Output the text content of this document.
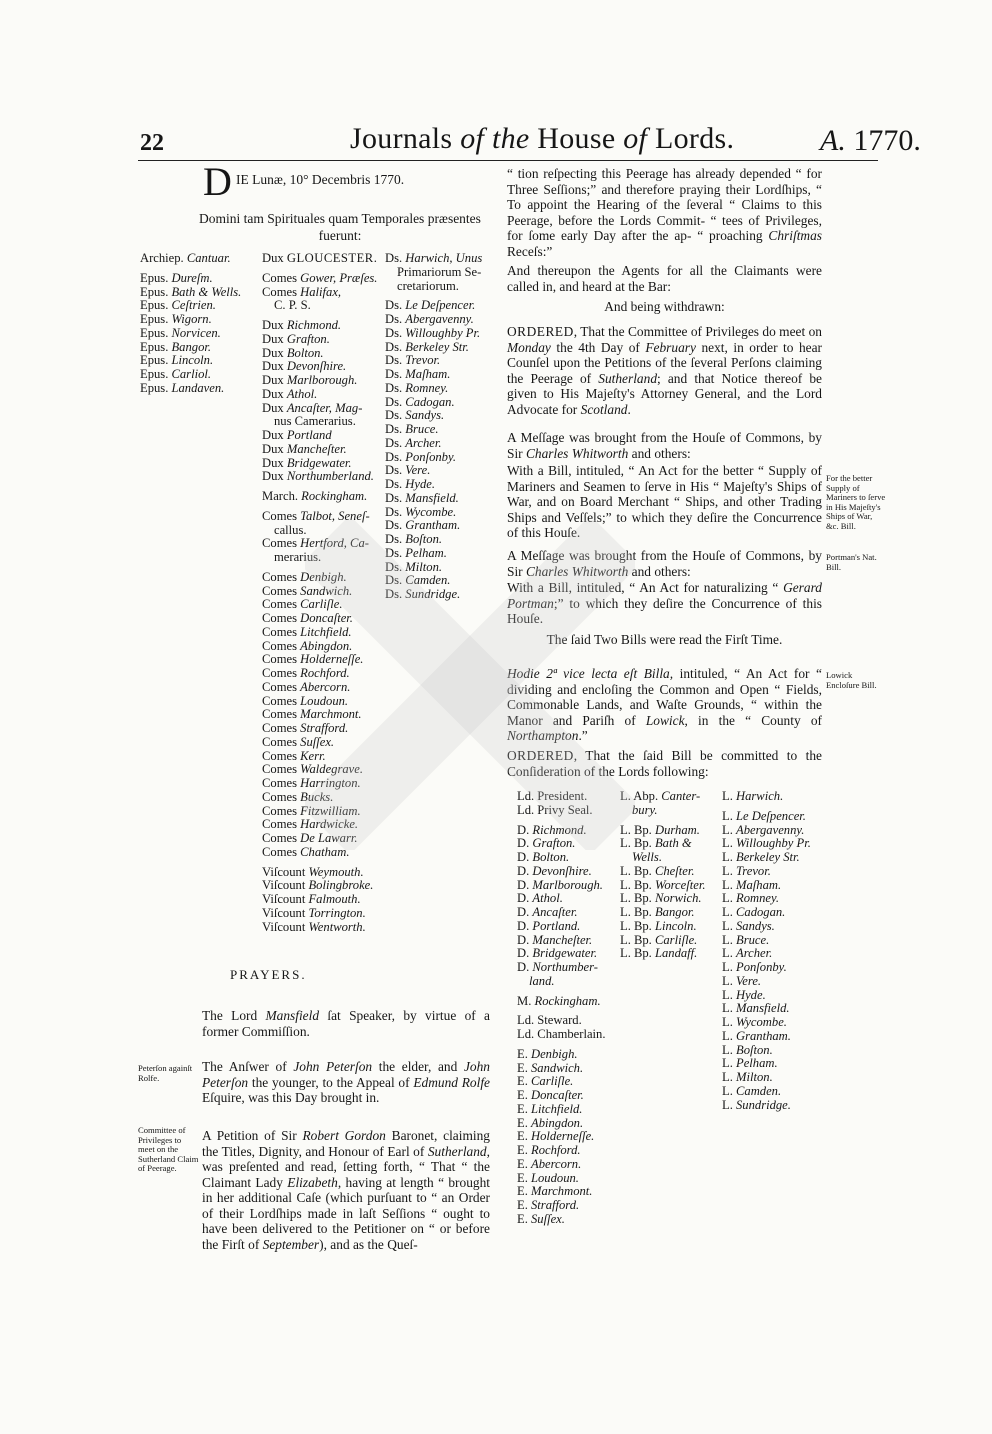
22	Journals of the House of Lords.	A. 1770.
D IE Lunæ, 10° Decembris 1770.
Domini tam Spirituales quam Temporales præsentes fuerunt:
Archiep. Cantuar.
Epus. Dureſm.
Epus. Bath & Wells.
Epus. Ceſtrien.
Epus. Wigorn.
Epus. Norvicen.
Epus. Bangor.
Epus. Lincoln.
Epus. Carliol.
Epus. Landaven.
Dux GLOUCESTER.
Comes Gower, Præſes.
Comes Halifax,
C. P. S.
Dux Richmond.
Dux Grafton.
Dux Bolton.
Dux Devonſhire.
Dux Marlborough.
Dux Athol.
Dux Ancaſter, Mag-
nus Camerarius.
Dux Portland
Dux Mancheſter.
Dux Bridgewater.
Dux Northumberland.
March. Rockingham.
Comes Talbot, Seneſ-
callus.
Comes Hertford, Ca-
merarius.
Comes Denbigh.
Comes Sandwich.
Comes Carliſle.
Comes Doncaſter.
Comes Litchfield.
Comes Abingdon.
Comes Holderneſſe.
Comes Rochford.
Comes Abercorn.
Comes Loudoun.
Comes Marchmont.
Comes Strafford.
Comes Suſſex.
Comes Kerr.
Comes Waldegrave.
Comes Harrington.
Comes Bucks.
Comes Fitzwilliam.
Comes Hardwicke.
Comes De Lawarr.
Comes Chatham.
Viſcount Weymouth.
Viſcount Bolingbroke.
Viſcount Falmouth.
Viſcount Torrington.
Viſcount Wentworth.
Ds. Harwich, Unus
Primariorum Se-
cretariorum.
Ds. Le Deſpencer.
Ds. Abergavenny.
Ds. Willoughby Pr.
Ds. Berkeley Str.
Ds. Trevor.
Ds. Maſham.
Ds. Romney.
Ds. Cadogan.
Ds. Sandys.
Ds. Bruce.
Ds. Archer.
Ds. Ponſonby.
Ds. Vere.
Ds. Hyde.
Ds. Mansfield.
Ds. Wycombe.
Ds. Grantham.
Ds. Boſton.
Ds. Pelham.
Ds. Milton.
Ds. Camden.
Ds. Sundridge.
PRAYERS.
The Lord Mansfield ſat Speaker, by virtue of a former Commiſſion.
The Anſwer of John Peterſon the elder, and John Peterſon the younger, to the Appeal of Edmund Rolfe Eſquire, was this Day brought in.
A Petition of Sir Robert Gordon Baronet, claiming the Titles, Dignity, and Honour of Earl of Sutherland, was preſented and read, ſetting forth, “ That “ the Claimant Lady Elizabeth, having at length “ brought in her additional Caſe (which purſuant to “ an Order of their Lordſhips made in laſt Seſſions “ ought to have been delivered to the Petitioner on “ or before the Firſt of September), and as the Queſ-
Peterſon againſt Rolfe.
Committee of Privileges to meet on the Sutherland Claim of Peerage.
For the better Supply of Mariners to ſerve in His Majeſty's Ships of War, &c. Bill.
Portman's Nat. Bill.
Lowick Encloſure Bill.
“ tion reſpecting this Peerage has already depended “ for Three Seſſions;” and therefore praying their Lordſhips, “ To appoint the Hearing of the ſeveral “ Claims to this Peerage, before the Lords Commit- “ tees of Privileges, for ſome early Day after the ap- “ proaching Chriſtmas Receſs:”
And thereupon the Agents for all the Claimants were called in, and heard at the Bar:
And being withdrawn:
ORDERED, That the Committee of Privileges do meet on Monday the 4th Day of February next, in order to hear Counſel upon the Petitions of the ſeveral Perſons claiming the Peerage of Sutherland; and that Notice thereof be given to His Majeſty's Attorney General, and the Lord Advocate for Scotland.
A Meſſage was brought from the Houſe of Commons, by Sir Charles Whitworth and others:
With a Bill, intituled, “ An Act for the better “ Supply of Mariners and Seamen to ſerve in His “ Majeſty's Ships of War, and on Board Merchant “ Ships, and other Trading Ships and Veſſels;” to which they deſire the Concurrence of this Houſe.
A Meſſage was brought from the Houſe of Commons, by Sir Charles Whitworth and others:
With a Bill, intituled, “ An Act for naturalizing “ Gerard Portman;” to which they deſire the Concurrence of this Houſe.
The ſaid Two Bills were read the Firſt Time.
Hodie 2ª vice lecta eſt Billa, intituled, “ An Act for “ dividing and encloſing the Common and Open “ Fields, Commonable Lands, and Waſte Grounds, “ within the Manor and Pariſh of Lowick, in the “ County of Northampton.”
ORDERED, That the ſaid Bill be committed to the Conſideration of the Lords following:
Ld. President.
Ld. Privy Seal.
D. Richmond.
D. Grafton.
D. Bolton.
D. Devonſhire.
D. Marlborough.
D. Athol.
D. Ancaſter.
D. Portland.
D. Mancheſter.
D. Bridgewater.
D. Northumber-
land.
M. Rockingham.
Ld. Steward.
Ld. Chamberlain.
E. Denbigh.
E. Sandwich.
E. Carliſle.
E. Doncaſter.
E. Litchfield.
E. Abingdon.
E. Holderneſſe.
E. Rochford.
E. Abercorn.
E. Loudoun.
E. Marchmont.
E. Strafford.
E. Suſſex.
L. Abp. Canter-
bury.
L. Bp. Durham.
L. Bp. Bath &
Wells.
L. Bp. Cheſter.
L. Bp. Worceſter.
L. Bp. Norwich.
L. Bp. Bangor.
L. Bp. Lincoln.
L. Bp. Carliſle.
L. Bp. Landaff.
L. Harwich.
L. Le Deſpencer.
L. Abergavenny.
L. Willoughby Pr.
L. Berkeley Str.
L. Trevor.
L. Maſham.
L. Romney.
L. Cadogan.
L. Sandys.
L. Bruce.
L. Archer.
L. Ponſonby.
L. Vere.
L. Hyde.
L. Mansfield.
L. Wycombe.
L. Grantham.
L. Boſton.
L. Pelham.
L. Milton.
L. Camden.
L. Sundridge.
